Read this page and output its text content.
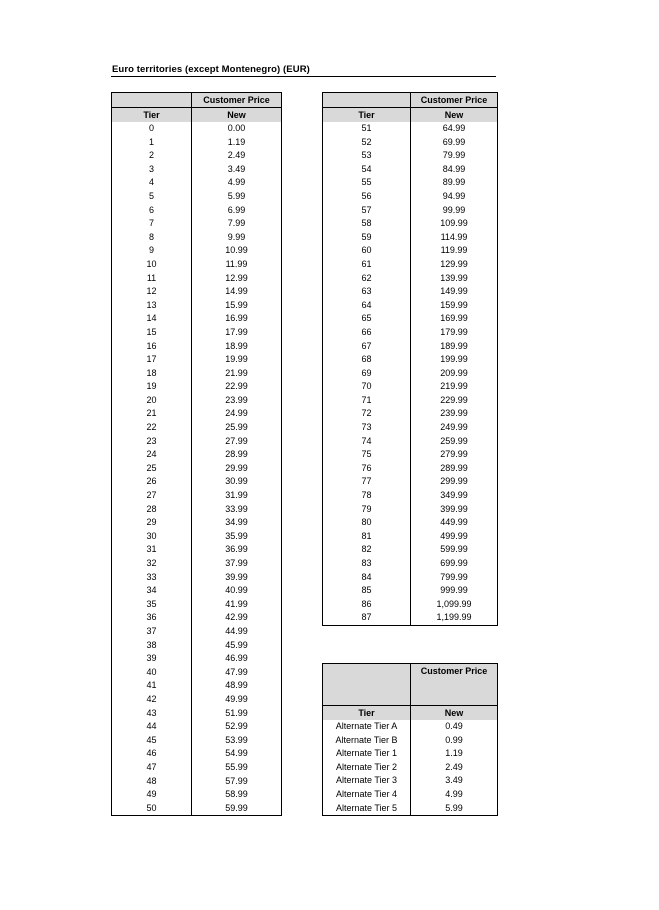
Euro territories (except Montenegro) (EUR)
	Customer Price
Tier	New
0	0.00
1	1.19
2	2.49
3	3.49
4	4.99
5	5.99
6	6.99
7	7.99
8	9.99
9	10.99
10	11.99
11	12.99
12	14.99
13	15.99
14	16.99
15	17.99
16	18.99
17	19.99
18	21.99
19	22.99
20	23.99
21	24.99
22	25.99
23	27.99
24	28.99
25	29.99
26	30.99
27	31.99
28	33.99
29	34.99
30	35.99
31	36.99
32	37.99
33	39.99
34	40.99
35	41.99
36	42.99
37	44.99
38	45.99
39	46.99
40	47.99
41	48.99
42	49.99
43	51.99
44	52.99
45	53.99
46	54.99
47	55.99
48	57.99
49	58.99
50	59.99
	Customer Price
Tier	New
51	64.99
52	69.99
53	79.99
54	84.99
55	89.99
56	94.99
57	99.99
58	109.99
59	114.99
60	119.99
61	129.99
62	139.99
63	149.99
64	159.99
65	169.99
66	179.99
67	189.99
68	199.99
69	209.99
70	219.99
71	229.99
72	239.99
73	249.99
74	259.99
75	279.99
76	289.99
77	299.99
78	349.99
79	399.99
80	449.99
81	499.99
82	599.99
83	699.99
84	799.99
85	999.99
86	1,099.99
87	1,199.99
	Customer Price
Tier	New
Alternate Tier A	0.49
Alternate Tier B	0.99
Alternate Tier 1	1.19
Alternate Tier 2	2.49
Alternate Tier 3	3.49
Alternate Tier 4	4.99
Alternate Tier 5	5.99
